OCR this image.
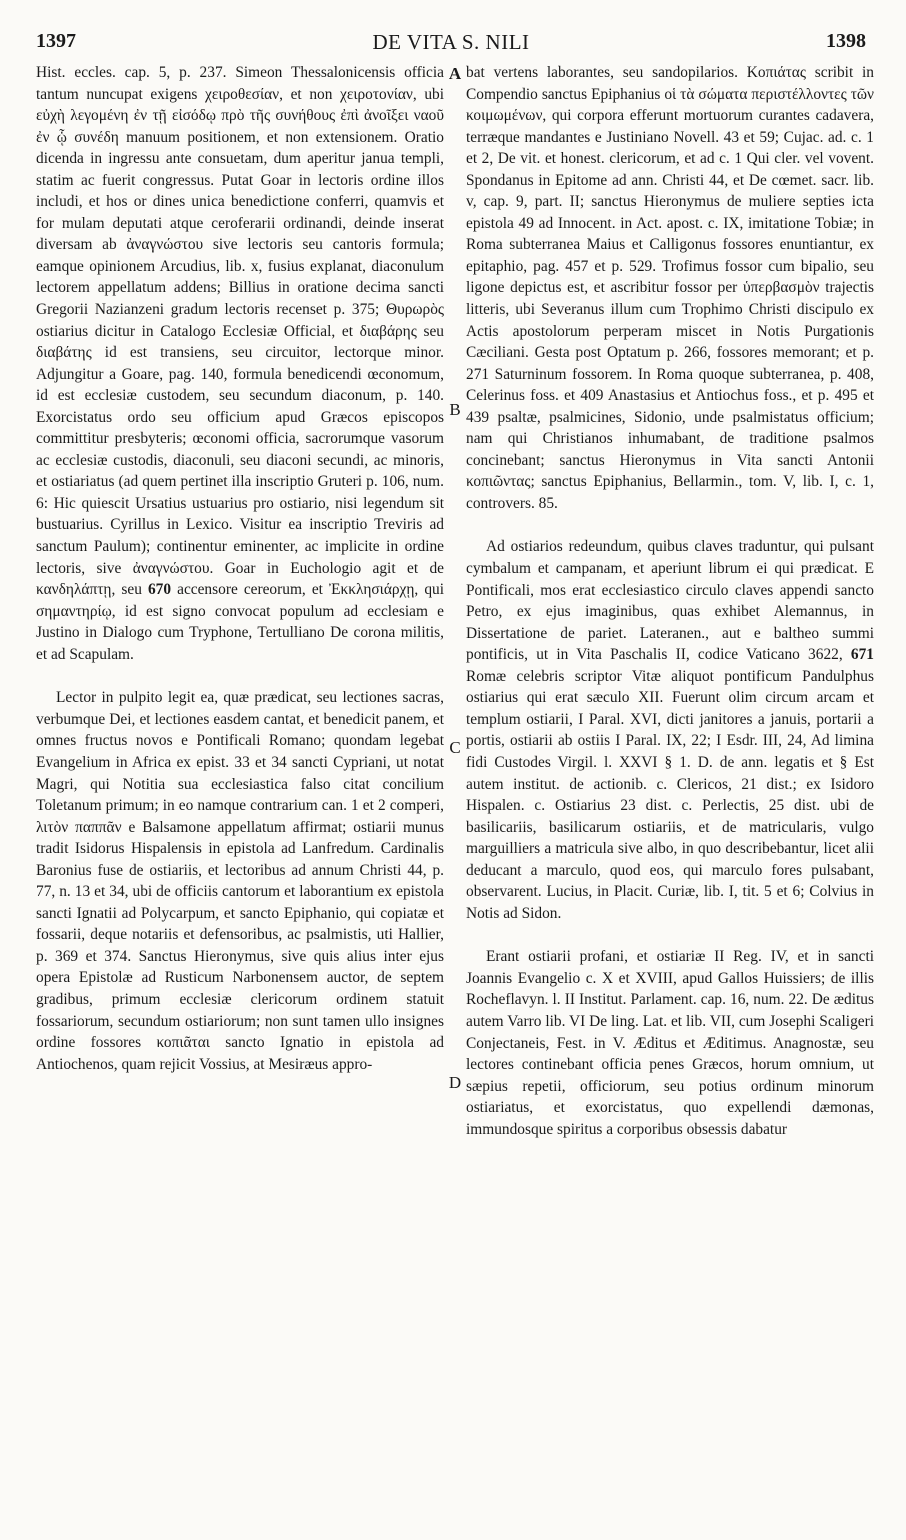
1397	DE VITA S. NILI	1398
A
B
C
D

Hist. eccles. cap. 5, p. 237. Simeon Thessalonicensis officia tantum nuncupat exigens χειροθεσίαν, et non χειροτονίαν, ubi εὐχὴ λεγομένη ἐν τῇ εἰσόδῳ πρὸ τῆς συνήθους ἐπὶ ἀνοῖξει ναοῦ ἐν ᾧ συνέδη manuum positionem, et non extensionem. Oratio dicenda in ingressu ante consuetam, dum aperitur janua templi, statim ac fuerit congressus. Putat Goar in lectoris ordine illos includi, et hos or dines unica benedictione conferri, quamvis et for mulam deputati atque ceroferarii ordinandi, deinde inserat diversam ab ἀναγνώστου sive lectoris seu cantoris formula; eamque opinionem Arcudius, lib. x, fusius explanat, diaconulum lectorem appellatum addens; Billius in oratione decima sancti Gregorii Nazianzeni gradum lectoris recenset p. 375; Θυρωρὸς ostiarius dicitur in Catalogo Ecclesiæ Official, et διαβάρης seu διαβάτης id est transiens, seu circuitor, lectorque minor. Adjungitur a Goare, pag. 140, formula benedicendi œconomum, id est ecclesiæ custodem, seu secundum diaconum, p. 140. Exorcistatus ordo seu officium apud Græcos episcopos committitur presbyteris; œconomi officia, sacrorumque vasorum ac ecclesiæ custodis, diaconuli, seu diaconi secundi, ac minoris, et ostiariatus (ad quem pertinet illa inscriptio Gruteri p. 106, num. 6: Hic quiescit Ursatius ustuarius pro ostiario, nisi legendum sit bustuarius. Cyrillus in Lexico. Visitur ea inscriptio Treviris ad sanctum Paulum); continentur eminenter, ac implicite in ordine lectoris, sive ἀναγνώστου. Goar in Euchologio agit et de κανδηλάπτῃ, seu 670 accensore cereorum, et Ἐκκλησιάρχῃ, qui σημαντηρίῳ, id est signo convocat populum ad ecclesiam e Justino in Dialogo cum Tryphone, Tertulliano De corona militis, et ad Scapulam.

Lector in pulpito legit ea, quæ prædicat, seu lectiones sacras, verbumque Dei, et lectiones easdem cantat, et benedicit panem, et omnes fructus novos e Pontificali Romano; quondam legebat Evangelium in Africa ex epist. 33 et 34 sancti Cypriani, ut notat Magri, qui Notitia sua ecclesiastica falso citat concilium Toletanum primum; in eo namque contrarium can. 1 et 2 comperi, λιτὸν παππᾶν e Balsamone appellatum affirmat; ostiarii munus tradit Isidorus Hispalensis in epistola ad Lanfredum. Cardinalis Baronius fuse de ostiariis, et lectoribus ad annum Christi 44, p. 77, n. 13 et 34, ubi de officiis cantorum et laborantium ex epistola sancti Ignatii ad Polycarpum, et sancto Epiphanio, qui copiatæ et fossarii, deque notariis et defensoribus, ac psalmistis, uti Hallier, p. 369 et 374. Sanctus Hieronymus, sive quis alius inter ejus opera Epistolæ ad Rusticum Narbonensem auctor, de septem gradibus, primum ecclesiæ clericorum ordinem statuit fossariorum, secundum ostiariorum; non sunt tamen ullo insignes ordine fossores κοπιᾶται sancto Ignatio in epistola ad Antiochenos, quam rejicit Vossius, at Mesiræus appro-

bat vertens laborantes, seu sandopilarios. Κοπιάτας scribit in Compendio sanctus Epiphanius οἱ τὰ σώματα περιστέλλοντες τῶν κοιμωμένων, qui corpora efferunt mortuorum curantes cadavera, terræque mandantes e Justiniano Novell. 43 et 59; Cujac. ad. c. 1 et 2, De vit. et honest. clericorum, et ad c. 1 Qui cler. vel vovent. Spondanus in Epitome ad ann. Christi 44, et De cœmet. sacr. lib. v, cap. 9, part. II; sanctus Hieronymus de muliere septies icta epistola 49 ad Innocent. in Act. apost. c. IX, imitatione Tobiæ; in Roma subterranea Maius et Calligonus fossores enuntiantur, ex epitaphio, pag. 457 et p. 529. Trofimus fossor cum bipalio, seu ligone depictus est, et ascribitur fossor per ὑπερβασμὸν trajectis litteris, ubi Severanus illum cum Trophimo Christi discipulo ex Actis apostolorum perperam miscet in Notis Purgationis Cæciliani. Gesta post Optatum p. 266, fossores memorant; et p. 271 Saturninum fossorem. In Roma quoque subterranea, p. 408, Celerinus foss. et 409 Anastasius et Antiochus foss., et p. 495 et 439 psaltæ, psalmicines, Sidonio, unde psalmistatus officium; nam qui Christianos inhumabant, de traditione psalmos concinebant; sanctus Hieronymus in Vita sancti Antonii κοπιῶντας; sanctus Epiphanius, Bellarmin., tom. V, lib. I, c. 1, controvers. 85.

Ad ostiarios redeundum, quibus claves traduntur, qui pulsant cymbalum et campanam, et aperiunt librum ei qui prædicat. E Pontificali, mos erat ecclesiastico circulo claves appendi sancto Petro, ex ejus imaginibus, quas exhibet Alemannus, in Dissertatione de pariet. Lateranen., aut e baltheo summi pontificis, ut in Vita Paschalis II, codice Vaticano 3622, 671 Romæ celebris scriptor Vitæ aliquot pontificum Pandulphus ostiarius qui erat sæculo XII. Fuerunt olim circum arcam et templum ostiarii, I Paral. XVI, dicti janitores a januis, portarii a portis, ostiarii ab ostiis I Paral. IX, 22; I Esdr. III, 24, Ad limina fidi Custodes Virgil. l. XXVI § 1. D. de ann. legatis et § Est autem institut. de actionib. c. Clericos, 21 dist.; ex Isidoro Hispalen. c. Ostiarius 23 dist. c. Perlectis, 25 dist. ubi de basilicariis, basilicarum ostiariis, et de matricularis, vulgo marguilliers a matricula sive albo, in quo describebantur, licet alii deducant a marculo, quod eos, qui marculo fores pulsabant, observarent. Lucius, in Placit. Curiæ, lib. I, tit. 5 et 6; Colvius in Notis ad Sidon.

Erant ostiarii profani, et ostiariæ II Reg. IV, et in sancti Joannis Evangelio c. X et XVIII, apud Gallos Huissiers; de illis Rocheflavyn. l. II Institut. Parlament. cap. 16, num. 22. De æditus autem Varro lib. VI De ling. Lat. et lib. VII, cum Josephi Scaligeri Conjectaneis, Fest. in V. Æditus et Æditimus. Anagnostæ, seu lectores continebant officia penes Græcos, horum omnium, ut sæpius repetii, officiorum, seu potius ordinum minorum ostiariatus, et exorcistatus, quo expellendi dæmonas, immundosque spiritus a corporibus obsessis dabatur
